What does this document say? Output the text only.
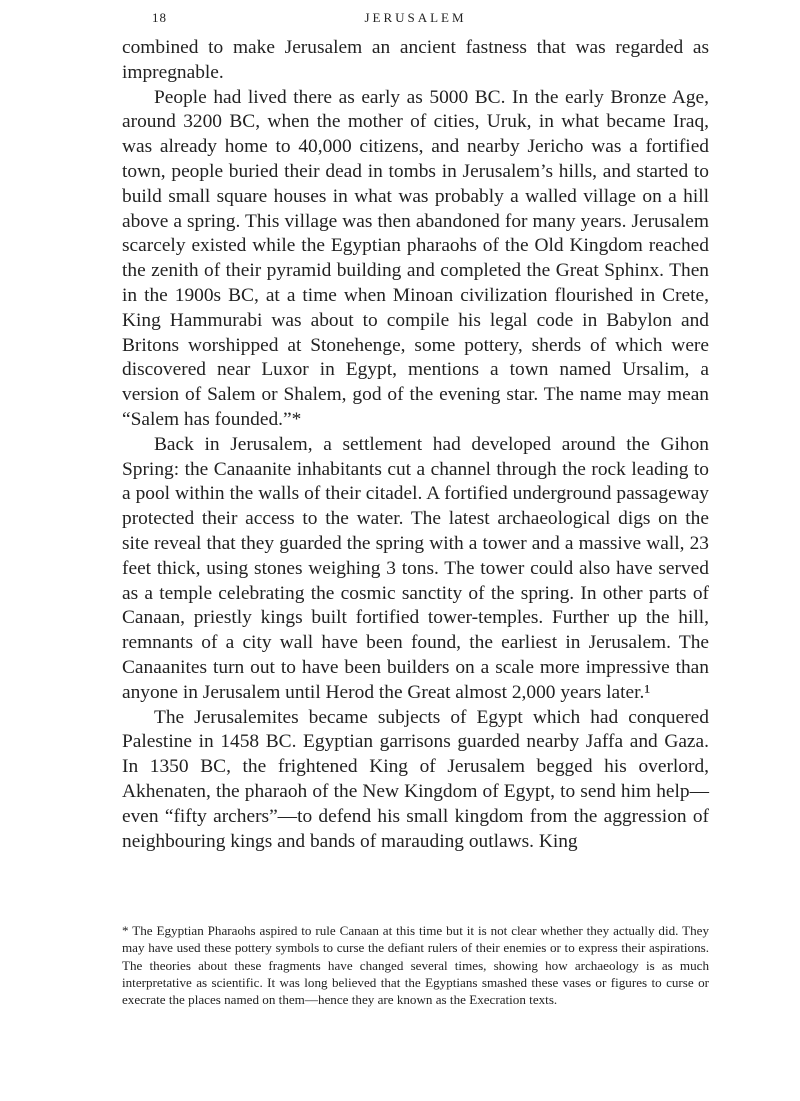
18	JERUSALEM

combined to make Jerusalem an ancient fastness that was regarded as impregnable.

People had lived there as early as 5000 BC. In the early Bronze Age, around 3200 BC, when the mother of cities, Uruk, in what became Iraq, was already home to 40,000 citizens, and nearby Jericho was a fortified town, people buried their dead in tombs in Jerusalem’s hills, and started to build small square houses in what was probably a walled village on a hill above a spring. This village was then abandoned for many years. Jerusalem scarcely existed while the Egyptian pharaohs of the Old Kingdom reached the zenith of their pyramid building and completed the Great Sphinx. Then in the 1900s BC, at a time when Minoan civilization flourished in Crete, King Hammurabi was about to compile his legal code in Babylon and Britons worshipped at Stonehenge, some pottery, sherds of which were discovered near Luxor in Egypt, mentions a town named Ursalim, a version of Salem or Shalem, god of the evening star. The name may mean “Salem has founded.”*

Back in Jerusalem, a settlement had developed around the Gihon Spring: the Canaanite inhabitants cut a channel through the rock leading to a pool within the walls of their citadel. A fortified underground passageway protected their access to the water. The latest archaeological digs on the site reveal that they guarded the spring with a tower and a massive wall, 23 feet thick, using stones weighing 3 tons. The tower could also have served as a temple celebrating the cosmic sanctity of the spring. In other parts of Canaan, priestly kings built fortified tower-temples. Further up the hill, remnants of a city wall have been found, the earliest in Jerusalem. The Canaanites turn out to have been builders on a scale more impressive than anyone in Jerusalem until Herod the Great almost 2,000 years later.¹

The Jerusalemites became subjects of Egypt which had conquered Palestine in 1458 BC. Egyptian garrisons guarded nearby Jaffa and Gaza. In 1350 BC, the frightened King of Jerusalem begged his overlord, Akhenaten, the pharaoh of the New Kingdom of Egypt, to send him help—even “fifty archers”—to defend his small kingdom from the aggression of neighbouring kings and bands of marauding outlaws. King

* The Egyptian Pharaohs aspired to rule Canaan at this time but it is not clear whether they actually did. They may have used these pottery symbols to curse the defiant rulers of their enemies or to express their aspirations. The theories about these fragments have changed several times, showing how archaeology is as much interpretative as scientific. It was long believed that the Egyptians smashed these vases or figures to curse or execrate the places named on them—hence they are known as the Execration texts.
